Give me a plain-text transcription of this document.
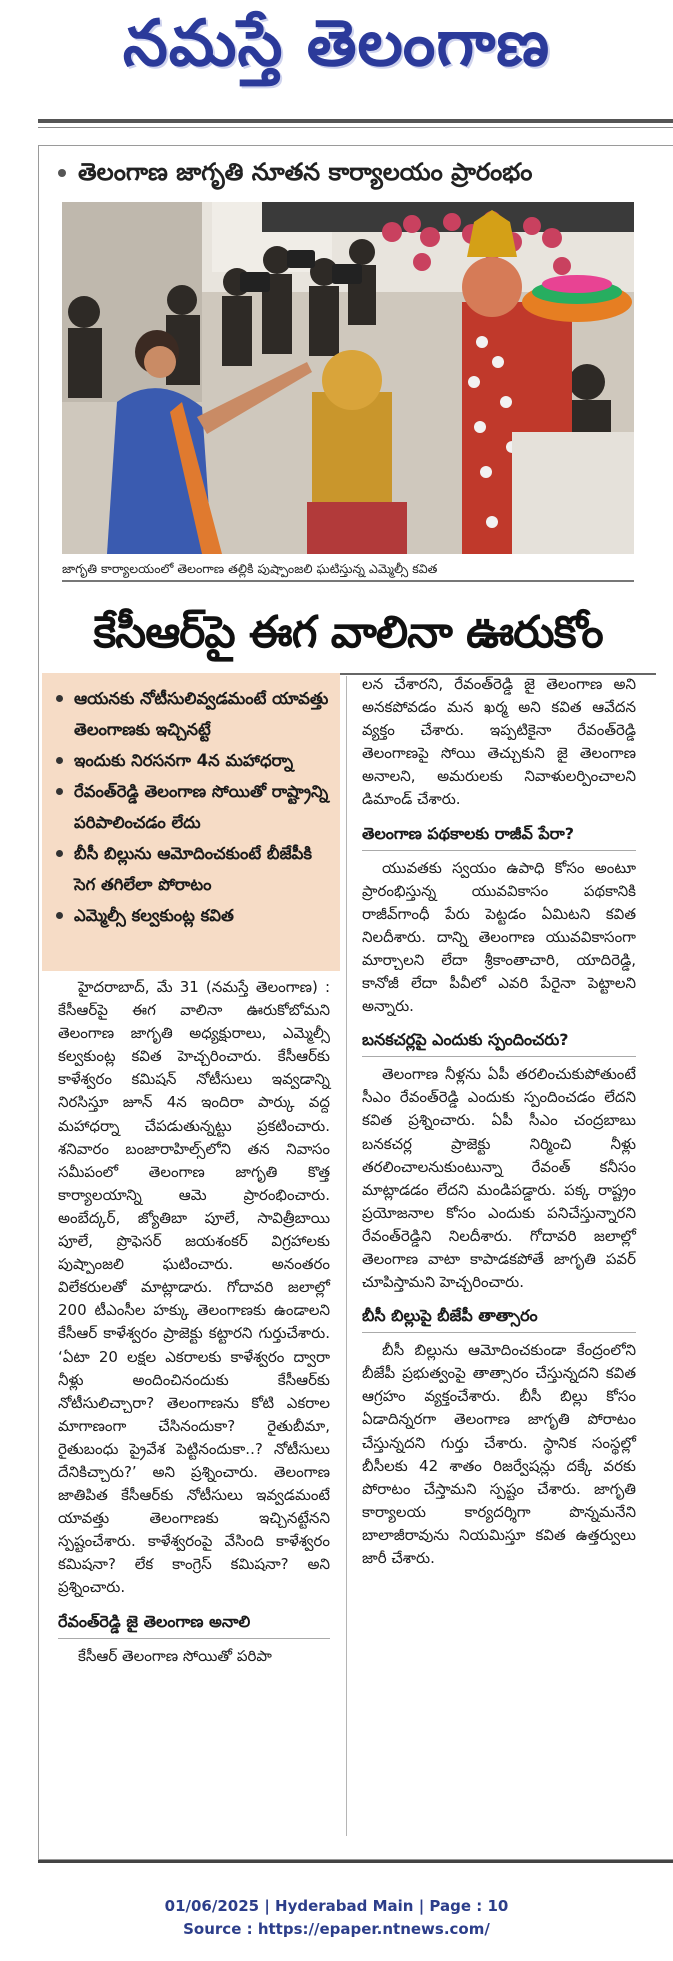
నమస్తే తెలంగాణ
తెలంగాణ జాగృతి నూతన కార్యాలయం ప్రారంభం
జాగృతి కార్యాలయంలో తెలంగాణ తల్లికి పుష్పాంజలి ఘటిస్తున్న ఎమ్మెల్సీ కవిత
కేసీఆర్‌పై ఈగ వాలినా ఊరుకోం
ఆయనకు నోటీసులివ్వడమంటే యావత్తు తెలంగాణకు ఇచ్చినట్టే
ఇందుకు నిరసనగా 4న మహాధర్నా
రేవంత్‌రెడ్డి తెలంగాణ సోయితో రాష్ట్రాన్ని పరిపాలించడం లేదు
బీసీ బిల్లును ఆమోదించకుంటే బీజేపీకి సెగ తగిలేలా పోరాటం
ఎమ్మెల్సీ కల్వకుంట్ల కవిత

హైదరాబాద్, మే 31 (నమస్తే తెలంగాణ) : కేసీఆర్‌పై ఈగ వాలినా ఊరుకోబోమని తెలంగాణ జాగృతి అధ్యక్షురాలు, ఎమ్మెల్సీ కల్వకుంట్ల కవిత హెచ్చరించారు. కేసీఆర్‌కు కాళేశ్వరం కమిషన్ నోటీసులు ఇవ్వడాన్ని నిరసిస్తూ జూన్ 4న ఇందిరా పార్కు వద్ద మహాధర్నా చేపడుతున్నట్టు ప్రకటించారు. శనివారం బంజారాహిల్స్‌లోని తన నివాసం సమీపంలో తెలంగాణ జాగృతి కొత్త కార్యాలయాన్ని ఆమె ప్రారంభించారు. అంబేద్కర్, జ్యోతిబా పూలే, సావిత్రీబాయి పూలే, ప్రొఫెసర్ జయశంకర్ విగ్రహాలకు పుష్పాంజలి ఘటించారు. అనంతరం విలేకరులతో మాట్లాడారు. గోదావరి జలాల్లో 200 టీఎంసీల హక్కు తెలంగాణకు ఉండాలని కేసీఆర్ కాళేశ్వరం ప్రాజెక్టు కట్టారని గుర్తుచేశారు. ‘ఏటా 20 లక్షల ఎకరాలకు కాళేశ్వరం ద్వారా నీళ్లు అందించినందుకు కేసీఆర్‌కు నోటీసులిచ్చారా? తెలంగాణను కోటి ఎకరాల మాగాణంగా చేసినందుకా? రైతుబీమా, రైతుబంధు ప్రైవేశ పెట్టినందుకా..? నోటీసులు దేనికిచ్చారు?’ అని ప్రశ్నించారు. తెలంగాణ జాతిపిత కేసీఆర్‌కు నోటీసులు ఇవ్వడమంటే యావత్తు తెలంగాణకు ఇచ్చినట్టేనని స్పష్టంచేశారు. కాళేశ్వరంపై వేసింది కాళేశ్వరం కమిషనా? లేక కాంగ్రెస్ కమిషనా? అని ప్రశ్నించారు.

రేవంత్‌రెడ్డి జై తెలంగాణ అనాలి

కేసీఆర్ తెలంగాణ సోయితో పరిపా

లన చేశారని, రేవంత్‌రెడ్డి జై తెలంగాణ అని అనకపోవడం మన ఖర్మ అని కవిత ఆవేదన వ్యక్తం చేశారు. ఇప్పటికైనా రేవంత్‌రెడ్డి తెలంగాణపై సోయి తెచ్చుకుని జై తెలంగాణ అనాలని, అమరులకు నివాళులర్పించాలని డిమాండ్ చేశారు.

తెలంగాణ పథకాలకు రాజీవ్ పేరా?

యువతకు స్వయం ఉపాధి కోసం అంటూ ప్రారంభిస్తున్న యువవికాసం పథకానికి రాజీవ్‌గాంధీ పేరు పెట్టడం ఏమిటని కవిత నిలదీశారు. దాన్ని తెలంగాణ యువవికాసంగా మార్చాలని లేదా శ్రీకాంతాచారి, యాదిరెడ్డి, కానోజీ లేదా పీవీలో ఎవరి పేరైనా పెట్టాలని అన్నారు.

బనకచర్లపై ఎందుకు స్పందించరు?

తెలంగాణ నీళ్లను ఏపీ తరలించుకుపోతుంటే సీఎం రేవంత్‌రెడ్డి ఎందుకు స్పందించడం లేదని కవిత ప్రశ్నించారు. ఏపీ సీఎం చంద్రబాబు బనకచర్ల ప్రాజెక్టు నిర్మించి నీళ్లు తరలించాలనుకుంటున్నా రేవంత్ కనీసం మాట్లాడడం లేదని మండిపడ్డారు. పక్క రాష్ట్రం ప్రయోజనాల కోసం ఎందుకు పనిచేస్తున్నారని రేవంత్‌రెడ్డిని నిలదీశారు. గోదావరి జలాల్లో తెలంగాణ వాటా కాపాడకపోతే జాగృతి పవర్ చూపిస్తామని హెచ్చరించారు.

బీసీ బిల్లుపై బీజేపీ తాత్సారం

బీసీ బిల్లును ఆమోదించకుండా కేంద్రంలోని బీజేపీ ప్రభుత్వంపై తాత్సారం చేస్తున్నదని కవిత ఆగ్రహం వ్యక్తంచేశారు. బీసీ బిల్లు కోసం ఏడాదిన్నరగా తెలంగాణ జాగృతి పోరాటం చేస్తున్నదని గుర్తు చేశారు. స్థానిక సంస్థల్లో బీసీలకు 42 శాతం రిజర్వేషన్లు దక్కే వరకు పోరాటం చేస్తామని స్పష్టం చేశారు. జాగృతి కార్యాలయ కార్యదర్శిగా పొన్నమనేని బాలాజీరావును నియమిస్తూ కవిత ఉత్తర్వులు జారీ చేశారు.

01/06/2025 | Hyderabad Main | Page : 10
Source : https://epaper.ntnews.com/
